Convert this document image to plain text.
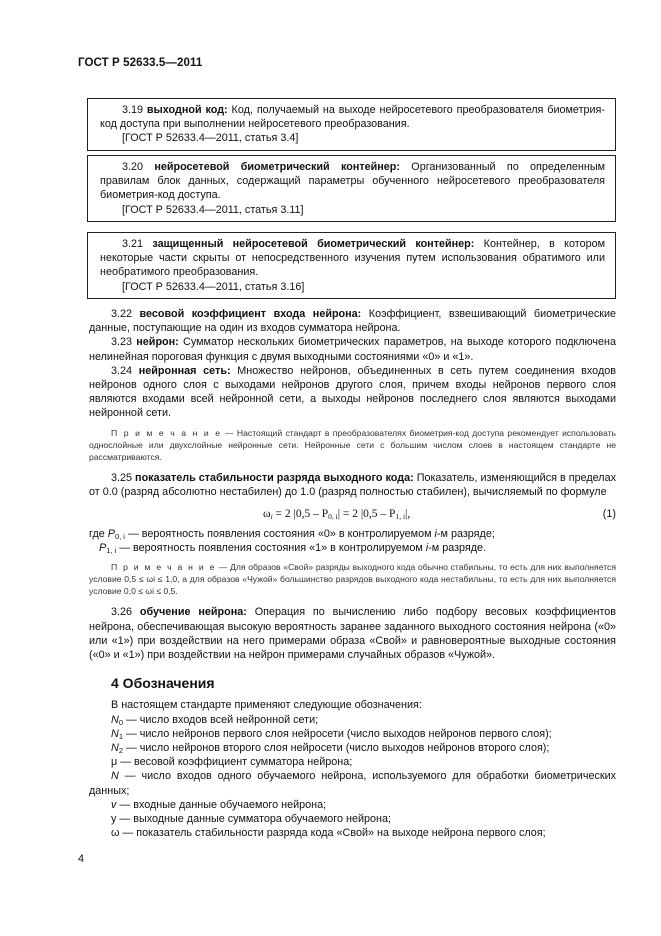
ГОСТ Р 52633.5—2011

3.19 выходной код: Код, получаемый на выходе нейросетевого преобразователя биометрия-код доступа при выполнении нейросетевого преобразования.

[ГОСТ Р 52633.4—2011, статья 3.4]

3.20 нейросетевой биометрический контейнер: Организованный по определенным правилам блок данных, содержащий параметры обученного нейросетевого преобразователя биометрия-код доступа.

[ГОСТ Р 52633.4—2011, статья 3.11]

3.21 защищенный нейросетевой биометрический контейнер: Контейнер, в котором некоторые части скрыты от непосредственного изучения путем использования обратимого или необратимого преобразования.

[ГОСТ Р 52633.4—2011, статья 3.16]

3.22 весовой коэффициент входа нейрона: Коэффициент, взвешивающий биометрические данные, поступающие на один из входов сумматора нейрона.

3.23 нейрон: Сумматор нескольких биометрических параметров, на выходе которого подключена нелинейная пороговая функция с двумя выходными состояниями «0» и «1».

3.24 нейронная сеть: Множество нейронов, объединенных в сеть путем соединения входов нейронов одного слоя с выходами нейронов другого слоя, причем входы нейронов первого слоя являются входами всей нейронной сети, а выходы нейронов последнего слоя являются выходами нейронной сети.

П р и м е ч а н и е — Настоящий стандарт в преобразователях биометрия-код доступа рекомендует использовать однослойные или двухслойные нейронные сети. Нейронные сети с большим числом слоев в настоящем стандарте не рассматриваются.

3.25 показатель стабильности разряда выходного кода: Показатель, изменяющийся в пределах от 0.0 (разряд абсолютно нестабилен) до 1.0 (разряд полностью стабилен), вычисляемый по формуле

$\omega_i = 2$ $|0,5 - P_{0, i}| = 2$ $|0,5 - P_{1, i}|$,	(1)

где $P_{0, i}$ — вероятность появления состояния «0» в контролируемом i-м разряде;

$P_{1, i}$ — вероятность появления состояния «1» в контролируемом i-м разряде.

П р и м е ч а н и е — Для образов «Свой» разряды выходного кода обычно стабильны, то есть для них выполняется условие 0,5 ≤ ωi ≤ 1,0, а для образов «Чужой» большинство разрядов выходного кода нестабильны, то есть для них выполняется условие 0,0 ≤ ωi ≤ 0,5.

3.26 обучение нейрона: Операция по вычислению либо подбору весовых коэффициентов нейрона, обеспечивающая высокую вероятность заранее заданного выходного состояния нейрона («0» или «1») при воздействии на него примерами образа «Свой» и равновероятные выходные состояния («0» и «1») при воздействии на нейрон примерами случайных образов «Чужой».

4 Обозначения

В настоящем стандарте применяют следующие обозначения:

$N_0$ — число входов всей нейронной сети;

$N_1$ — число нейронов первого слоя нейросети (число выходов нейронов первого слоя);

$N_2$ — число нейронов второго слоя нейросети (число выходов нейронов второго слоя);

μ — весовой коэффициент сумматора нейрона;

N — число входов одного обучаемого нейрона, используемого для обработки биометрических данных;

v — входные данные обучаемого нейрона;

y — выходные данные сумматора обучаемого нейрона;

ω — показатель стабильности разряда кода «Свой» на выходе нейрона первого слоя;

4
